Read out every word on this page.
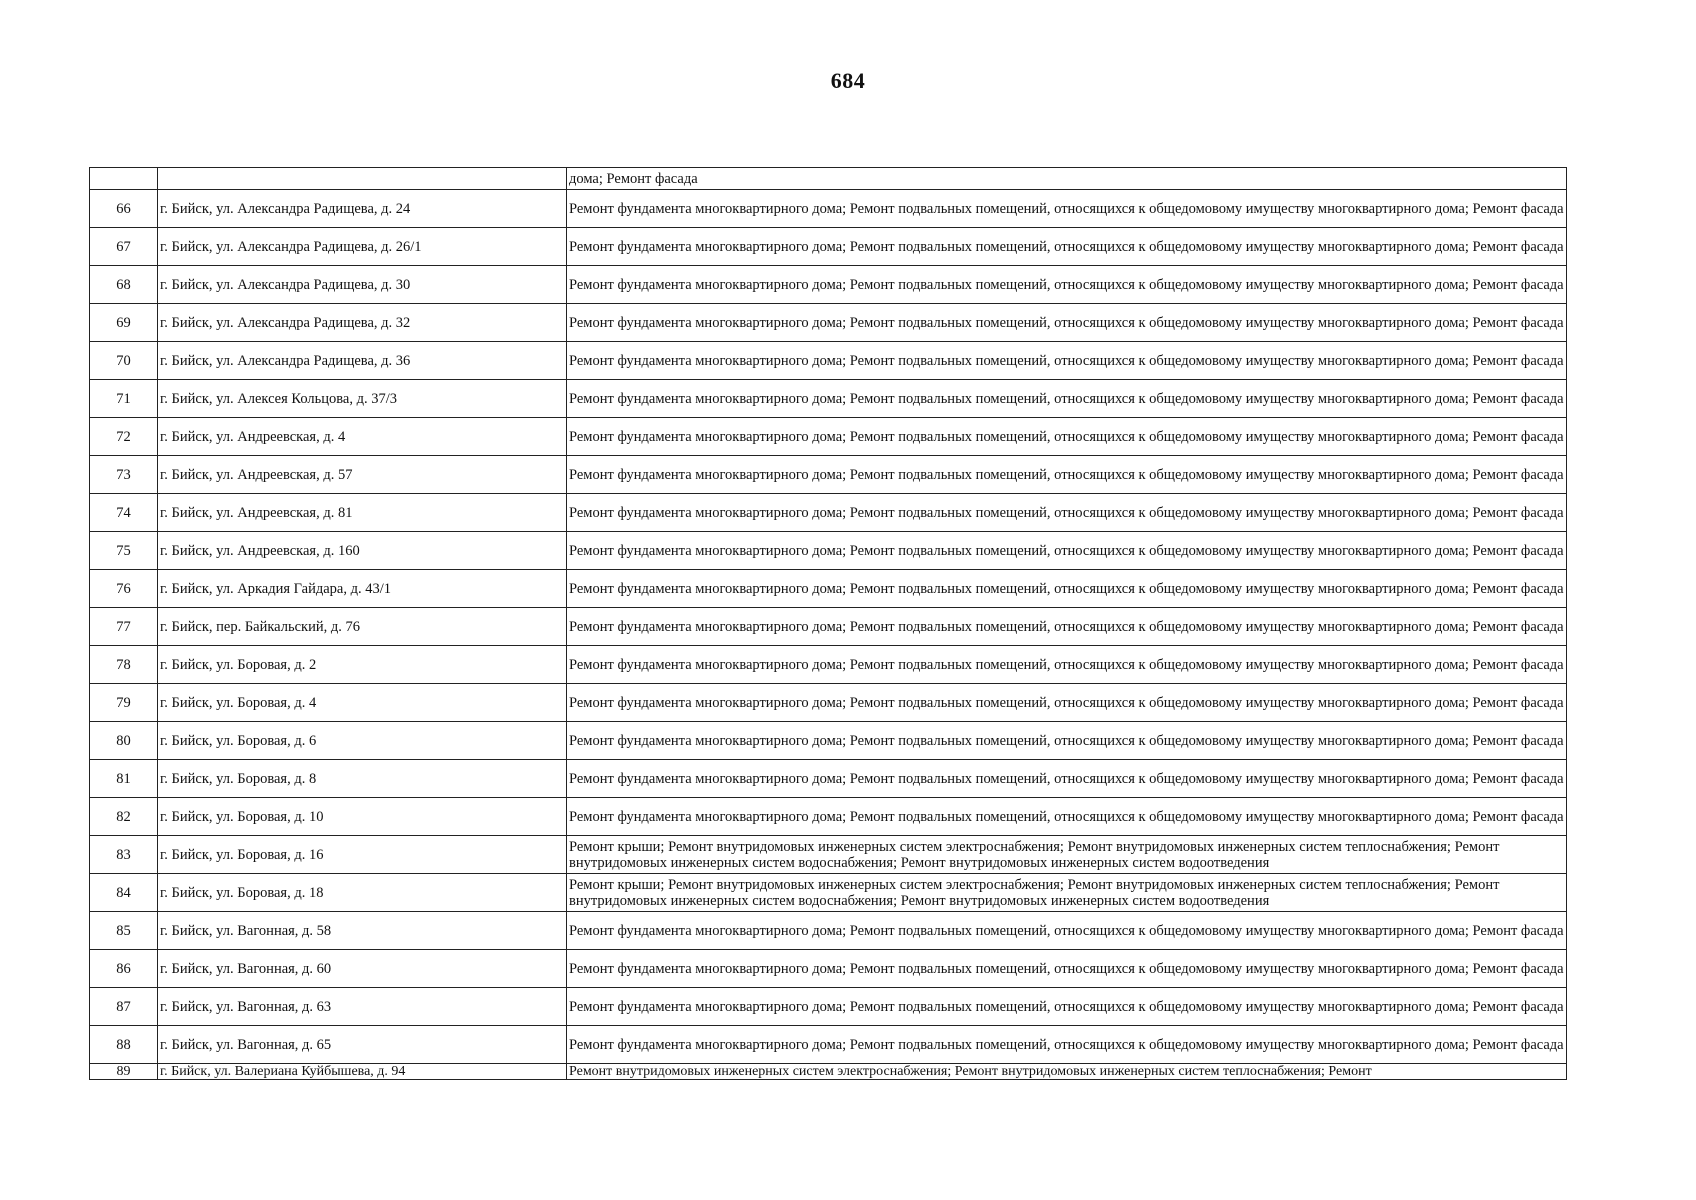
684

		дома; Ремонт фасада

66	г. Бийск, ул. Александра Радищева, д. 24	Ремонт фундамента многоквартирного дома; Ремонт подвальных помещений, относящихся к общедомовому имуществу многоквартирного дома; Ремонт фасада

67	г. Бийск, ул. Александра Радищева, д. 26/1	Ремонт фундамента многоквартирного дома; Ремонт подвальных помещений, относящихся к общедомовому имуществу многоквартирного дома; Ремонт фасада

68	г. Бийск, ул. Александра Радищева, д. 30	Ремонт фундамента многоквартирного дома; Ремонт подвальных помещений, относящихся к общедомовому имуществу многоквартирного дома; Ремонт фасада

69	г. Бийск, ул. Александра Радищева, д. 32	Ремонт фундамента многоквартирного дома; Ремонт подвальных помещений, относящихся к общедомовому имуществу многоквартирного дома; Ремонт фасада

70	г. Бийск, ул. Александра Радищева, д. 36	Ремонт фундамента многоквартирного дома; Ремонт подвальных помещений, относящихся к общедомовому имуществу многоквартирного дома; Ремонт фасада

71	г. Бийск, ул. Алексея Кольцова, д. 37/3	Ремонт фундамента многоквартирного дома; Ремонт подвальных помещений, относящихся к общедомовому имуществу многоквартирного дома; Ремонт фасада

72	г. Бийск, ул. Андреевская, д. 4	Ремонт фундамента многоквартирного дома; Ремонт подвальных помещений, относящихся к общедомовому имуществу многоквартирного дома; Ремонт фасада

73	г. Бийск, ул. Андреевская, д. 57	Ремонт фундамента многоквартирного дома; Ремонт подвальных помещений, относящихся к общедомовому имуществу многоквартирного дома; Ремонт фасада

74	г. Бийск, ул. Андреевская, д. 81	Ремонт фундамента многоквартирного дома; Ремонт подвальных помещений, относящихся к общедомовому имуществу многоквартирного дома; Ремонт фасада

75	г. Бийск, ул. Андреевская, д. 160	Ремонт фундамента многоквартирного дома; Ремонт подвальных помещений, относящихся к общедомовому имуществу многоквартирного дома; Ремонт фасада

76	г. Бийск, ул. Аркадия Гайдара, д. 43/1	Ремонт фундамента многоквартирного дома; Ремонт подвальных помещений, относящихся к общедомовому имуществу многоквартирного дома; Ремонт фасада

77	г. Бийск, пер. Байкальский, д. 76	Ремонт фундамента многоквартирного дома; Ремонт подвальных помещений, относящихся к общедомовому имуществу многоквартирного дома; Ремонт фасада

78	г. Бийск, ул. Боровая, д. 2	Ремонт фундамента многоквартирного дома; Ремонт подвальных помещений, относящихся к общедомовому имуществу многоквартирного дома; Ремонт фасада

79	г. Бийск, ул. Боровая, д. 4	Ремонт фундамента многоквартирного дома; Ремонт подвальных помещений, относящихся к общедомовому имуществу многоквартирного дома; Ремонт фасада

80	г. Бийск, ул. Боровая, д. 6	Ремонт фундамента многоквартирного дома; Ремонт подвальных помещений, относящихся к общедомовому имуществу многоквартирного дома; Ремонт фасада

81	г. Бийск, ул. Боровая, д. 8	Ремонт фундамента многоквартирного дома; Ремонт подвальных помещений, относящихся к общедомовому имуществу многоквартирного дома; Ремонт фасада

82	г. Бийск, ул. Боровая, д. 10	Ремонт фундамента многоквартирного дома; Ремонт подвальных помещений, относящихся к общедомовому имуществу многоквартирного дома; Ремонт фасада

83	г. Бийск, ул. Боровая, д. 16	Ремонт крыши; Ремонт внутридомовых инженерных систем электроснабжения; Ремонт внутридомовых инженерных систем теплоснабжения; Ремонт внутридомовых инженерных систем водоснабжения; Ремонт внутридомовых инженерных систем водоотведения

84	г. Бийск, ул. Боровая, д. 18	Ремонт крыши; Ремонт внутридомовых инженерных систем электроснабжения; Ремонт внутридомовых инженерных систем теплоснабжения; Ремонт внутридомовых инженерных систем водоснабжения; Ремонт внутридомовых инженерных систем водоотведения

85	г. Бийск, ул. Вагонная, д. 58	Ремонт фундамента многоквартирного дома; Ремонт подвальных помещений, относящихся к общедомовому имуществу многоквартирного дома; Ремонт фасада

86	г. Бийск, ул. Вагонная, д. 60	Ремонт фундамента многоквартирного дома; Ремонт подвальных помещений, относящихся к общедомовому имуществу многоквартирного дома; Ремонт фасада

87	г. Бийск, ул. Вагонная, д. 63	Ремонт фундамента многоквартирного дома; Ремонт подвальных помещений, относящихся к общедомовому имуществу многоквартирного дома; Ремонт фасада

88	г. Бийск, ул. Вагонная, д. 65	Ремонт фундамента многоквартирного дома; Ремонт подвальных помещений, относящихся к общедомовому имуществу многоквартирного дома; Ремонт фасада

89	г. Бийск, ул. Валериана Куйбышева, д. 94	Ремонт внутридомовых инженерных систем электроснабжения; Ремонт внутридомовых инженерных систем теплоснабжения; Ремонт
